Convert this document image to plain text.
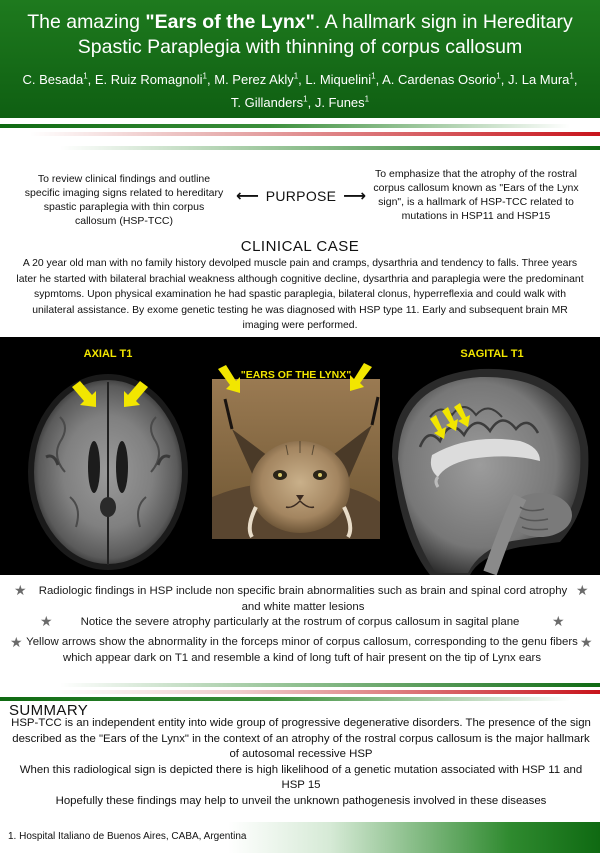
The amazing "Ears of the Lynx". A hallmark sign in Hereditary Spastic Paraplegia with thinning of corpus callosum
C. Besada$^1$, E. Ruiz Romagnoli$^1$, M. Perez Akly$^1$, L. Miquelini$^1$, A. Cardenas Osorio$^1$, J. La Mura$^1$, T. Gillanders$^1$, J. Funes$^1$
To review clinical findings and outline specific imaging signs related to hereditary spastic paraplegia with thin corpus callosum (HSP-TCC)
⟵ PURPOSE ⟶
To emphasize that the atrophy of the rostral corpus callosum known as "Ears of the Lynx sign", is a hallmark of HSP-TCC related to mutations in HSP11 and HSP15
CLINICAL CASE
A 20 year old man with no family history devolped muscle pain and cramps, dysarthria and tendency to falls. Three years later he started with bilateral brachial weakness although cognitive decline, dysarthria and paraplegia were the predominant sypmtoms. Upon physical examination he had spastic paraplegia, bilateral clonus, hyperreflexia and could walk with unilateral assistance. By exome genetic testing he was diagnosed with HSP type 11. Early and subsequent brain MR imaging were performed.
AXIAL T1
"EARS OF THE LYNX"
SAGITAL T1
★ Radiologic findings in HSP include non specific brain abnormalities such as brain and spinal cord atrophy and white matter lesions
★
★	Notice the severe atrophy particularly at the rostrum of corpus callosum in sagital plane	★
★ Yellow arrows show the abnormality in the forceps minor of corpus callosum, corresponding to the genu fibers which appear dark on T1 and resemble a kind of long tuft of hair present on the tip of Lynx ears
★
SUMMARY
HSP-TCC is an independent entity into wide group of progressive degenerative disorders. The presence of the sign described as the "Ears of the Lynx" in the context of an atrophy of the rostral corpus callosum is the major hallmark of autosomal recessive HSP
When this radiological sign is depicted there is high likelihood of a genetic mutation associated with HSP 11 and HSP 15
Hopefully these findings may help to unveil the unknown pathogenesis involved in these diseases
1. Hospital Italiano de Buenos Aires, CABA, Argentina
